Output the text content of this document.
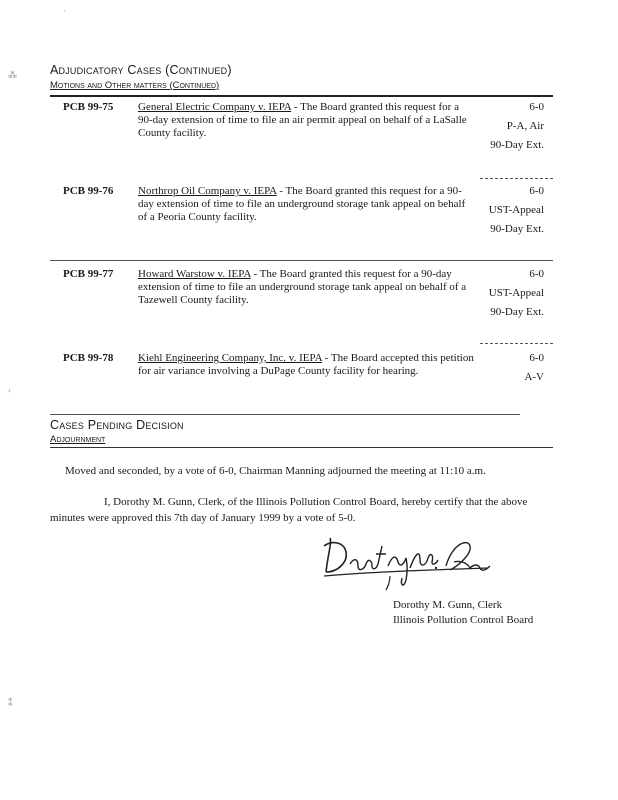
·
⁂
‹
⁑
Adjudicatory Cases (Continued)
Motions and Other matters (Continued)
PCB 99-75 General Electric Company v. IEPA - The Board granted this request for a 90-day extension of time to file an air permit appeal on behalf of a LaSalle County facility.
6-0
P-A, Air
90-Day Ext.
PCB 99-76 Northrop Oil Company v. IEPA - The Board granted this request for a 90-day extension of time to file an underground storage tank appeal on behalf of a Peoria County facility.
6-0
UST-Appeal
90-Day Ext.
PCB 99-77 Howard Warstow v. IEPA - The Board granted this request for a 90-day extension of time to file an underground storage tank appeal on behalf of a Tazewell County facility.
6-0
UST-Appeal
90-Day Ext.
PCB 99-78 Kiehl Engineering Company, Inc. v. IEPA - The Board accepted this petition for air variance involving a DuPage County facility for hearing.
6-0
A-V
Cases Pending Decision
Adjournment
Moved and seconded, by a vote of 6-0, Chairman Manning adjourned the meeting at 11:10 a.m.
I, Dorothy M. Gunn, Clerk, of the Illinois Pollution Control Board, hereby certify that the above minutes were approved this 7th day of January 1999 by a vote of 5-0.
Dorothy M. Gunn, Clerk
Illinois Pollution Control Board
